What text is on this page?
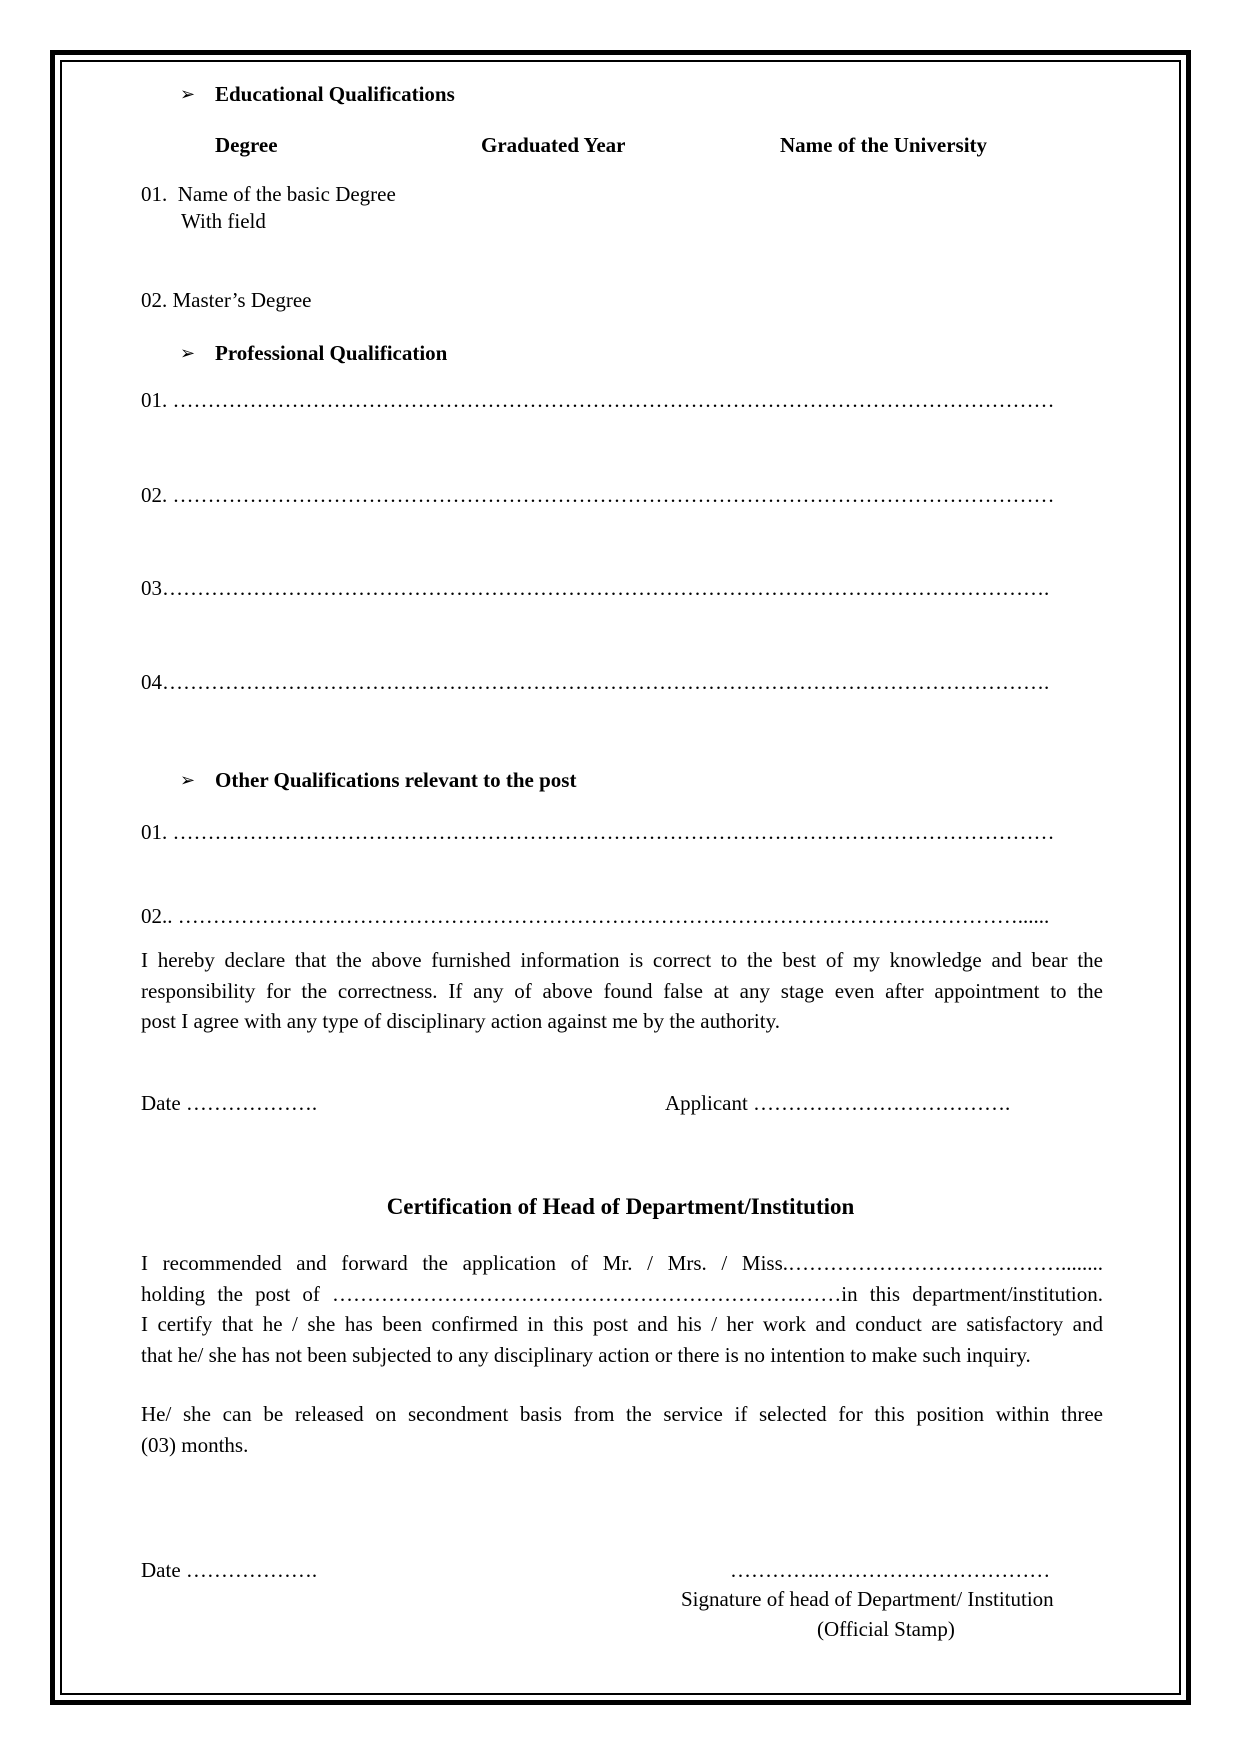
➢ Educational Qualifications
Degree	Graduated Year	Name of the University
01.  Name of the basic Degree
With field
02. Master’s Degree
➢ Professional Qualification
01. ………………………………………………………………………………………………………………
02. ………………………………………………………………………………………………………………
03……………………………………………………………………………………………………………….
04……………………………………………………………………………………………………………….
➢ Other Qualifications relevant to the post
01. ………………………………………………………………………………………………………………
02.. …………………………………………………………………………………………………………......

I hereby declare that the above furnished information is correct to the best of my knowledge and bear the

responsibility for the correctness. If any of above found false at any stage even after appointment to the

post I agree with any type of disciplinary action against me by the authority.

Date ……………….	Applicant ……………………………….
Certification of Head of Department/Institution

I recommended and forward the application of Mr. / Mrs. / Miss.…………………………………........

holding the post of ………………………………………………………….……in this department/institution.

I certify that he / she has been confirmed in this post and his / her work and conduct are satisfactory and

that he/ she has not been subjected to any disciplinary action or there is no intention to make such inquiry.

He/ she can be released on secondment basis from the service if selected for this position within three

(03) months.

Date ……………….	………….……………………………
Signature of head of Department/ Institution
(Official Stamp)
